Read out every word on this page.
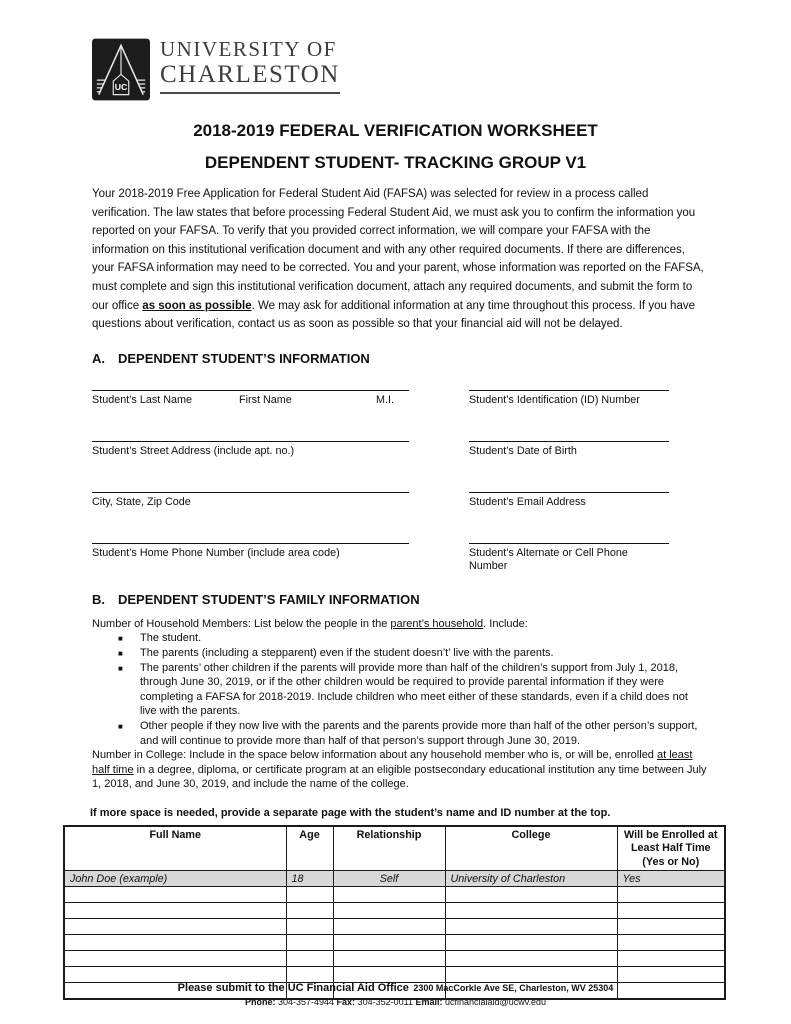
UC
UNIVERSITY OF
CHARLESTON
2018-2019 FEDERAL VERIFICATION WORKSHEET
DEPENDENT STUDENT- TRACKING GROUP V1

Your 2018-2019 Free Application for Federal Student Aid (FAFSA) was selected for review in a process called verification. The law states that before processing Federal Student Aid, we must ask you to confirm the information you reported on your FAFSA. To verify that you provided correct information, we will compare your FAFSA with the information on this institutional verification document and with any other required documents. If there are differences, your FAFSA information may need to be corrected. You and your parent, whose information was reported on the FAFSA, must complete and sign this institutional verification document, attach any required documents, and submit the form to our office as soon as possible. We may ask for additional information at any time throughout this process. If you have questions about verification, contact us as soon as possible so that your financial aid will not be delayed.

A. DEPENDENT STUDENT’S INFORMATION
Student’s Last Name	First Name	M.I.	Student’s Identification (ID) Number
Student’s Street Address (include apt. no.)	Student’s Date of Birth
City, State, Zip Code	Student’s Email Address
Student’s Home Phone Number (include area code)	Student’s Alternate or Cell Phone Number
B. DEPENDENT STUDENT’S FAMILY INFORMATION

Number of Household Members: List below the people in the parent’s household. Include:

■ The student.
■ The parents (including a stepparent) even if the student doesn’t’ live with the parents.
■ The parents’ other children if the parents will provide more than half of the children’s support from July 1, 2018, through June 30, 2019, or if the other children would be required to provide parental information if they were completing a FAFSA for 2018-2019. Include children who meet either of these standards, even if a child does not live with the parents.
■ Other people if they now live with the parents and the parents provide more than half of the other person’s support, and will continue to provide more than half of that person’s support through June 30, 2019.

Number in College: Include in the space below information about any household member who is, or will be, enrolled at least half time in a degree, diploma, or certificate program at an eligible postsecondary educational institution any time between July 1, 2018, and June 30, 2019, and include the name of the college.

If more space is needed, provide a separate page with the student’s name and ID number at the top.

Full Name	Age	Relationship	College	Will be Enrolled at Least Half Time (Yes or No)
John Doe (example)	18	Self	University of Charleston	Yes

Please submit to the UC Financial Aid Office 2300 MacCorkle Ave SE, Charleston, WV 25304
Phone: 304-357-4944 Fax: 304-352-0011 Email: ucfinancialaid@ucwv.edu
